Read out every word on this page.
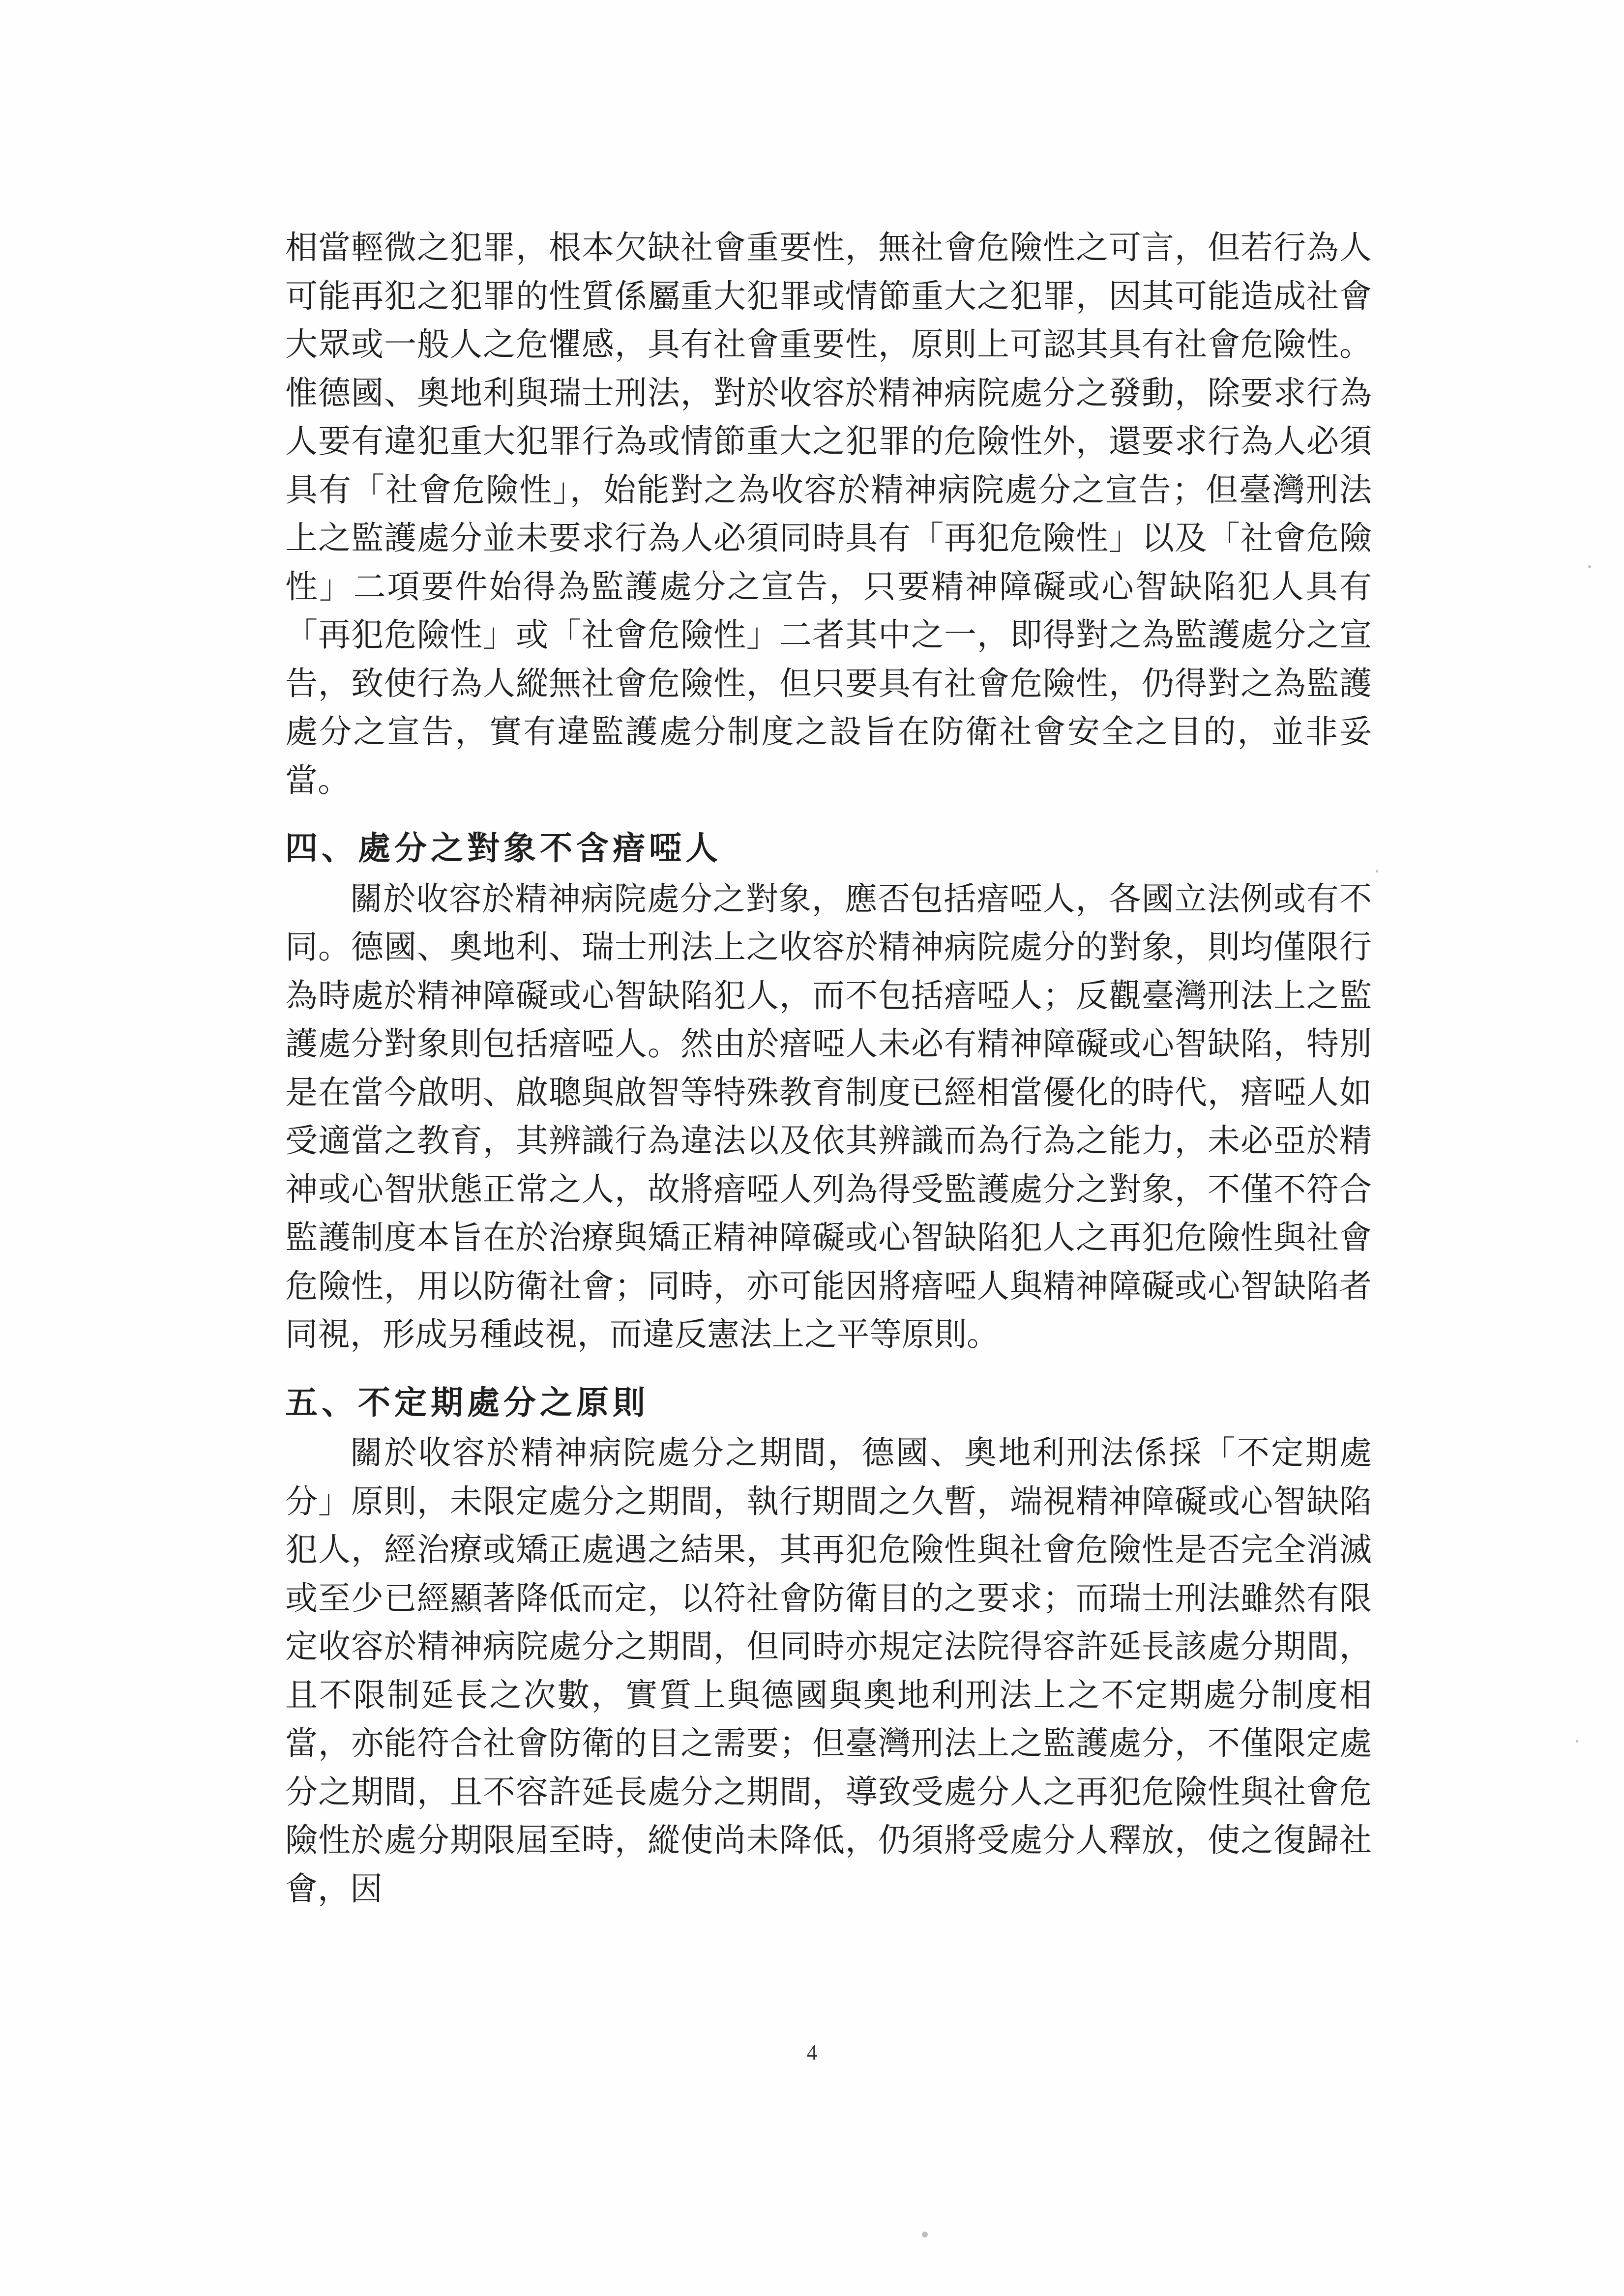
相當輕微之犯罪，根本欠缺社會重要性，無社會危險性之可言，但若行為人可能再犯之犯罪的性質係屬重大犯罪或情節重大之犯罪，因其可能造成社會大眾或一般人之危懼感，具有社會重要性，原則上可認其具有社會危險性。惟德國、奧地利與瑞士刑法，對於收容於精神病院處分之發動，除要求行為人要有違犯重大犯罪行為或情節重大之犯罪的危險性外，還要求行為人必須具有「社會危險性」，始能對之為收容於精神病院處分之宣告；但臺灣刑法上之監護處分並未要求行為人必須同時具有「再犯危險性」以及「社會危險性」二項要件始得為監護處分之宣告，只要精神障礙或心智缺陷犯人具有「再犯危險性」或「社會危險性」二者其中之一，即得對之為監護處分之宣告，致使行為人縱無社會危險性，但只要具有社會危險性，仍得對之為監護處分之宣告，實有違監護處分制度之設旨在防衛社會安全之目的，並非妥當。

四、處分之對象不含瘖啞人

關於收容於精神病院處分之對象，應否包括瘖啞人，各國立法例或有不同。德國、奧地利、瑞士刑法上之收容於精神病院處分的對象，則均僅限行為時處於精神障礙或心智缺陷犯人，而不包括瘖啞人；反觀臺灣刑法上之監護處分對象則包括瘖啞人。然由於瘖啞人未必有精神障礙或心智缺陷，特別是在當今啟明、啟聰與啟智等特殊教育制度已經相當優化的時代，瘖啞人如受適當之教育，其辨識行為違法以及依其辨識而為行為之能力，未必亞於精神或心智狀態正常之人，故將瘖啞人列為得受監護處分之對象，不僅不符合監護制度本旨在於治療與矯正精神障礙或心智缺陷犯人之再犯危險性與社會危險性，用以防衛社會；同時，亦可能因將瘖啞人與精神障礙或心智缺陷者同視，形成另種歧視，而違反憲法上之平等原則。

五、不定期處分之原則

關於收容於精神病院處分之期間，德國、奧地利刑法係採「不定期處分」原則，未限定處分之期間，執行期間之久暫，端視精神障礙或心智缺陷犯人，經治療或矯正處遇之結果，其再犯危險性與社會危險性是否完全消滅或至少已經顯著降低而定，以符社會防衛目的之要求；而瑞士刑法雖然有限定收容於精神病院處分之期間，但同時亦規定法院得容許延長該處分期間，且不限制延長之次數，實質上與德國與奧地利刑法上之不定期處分制度相當，亦能符合社會防衛的目之需要；但臺灣刑法上之監護處分，不僅限定處分之期間，且不容許延長處分之期間，導致受處分人之再犯危險性與社會危險性於處分期限屆至時，縱使尚未降低，仍須將受處分人釋放，使之復歸社會，因

4
